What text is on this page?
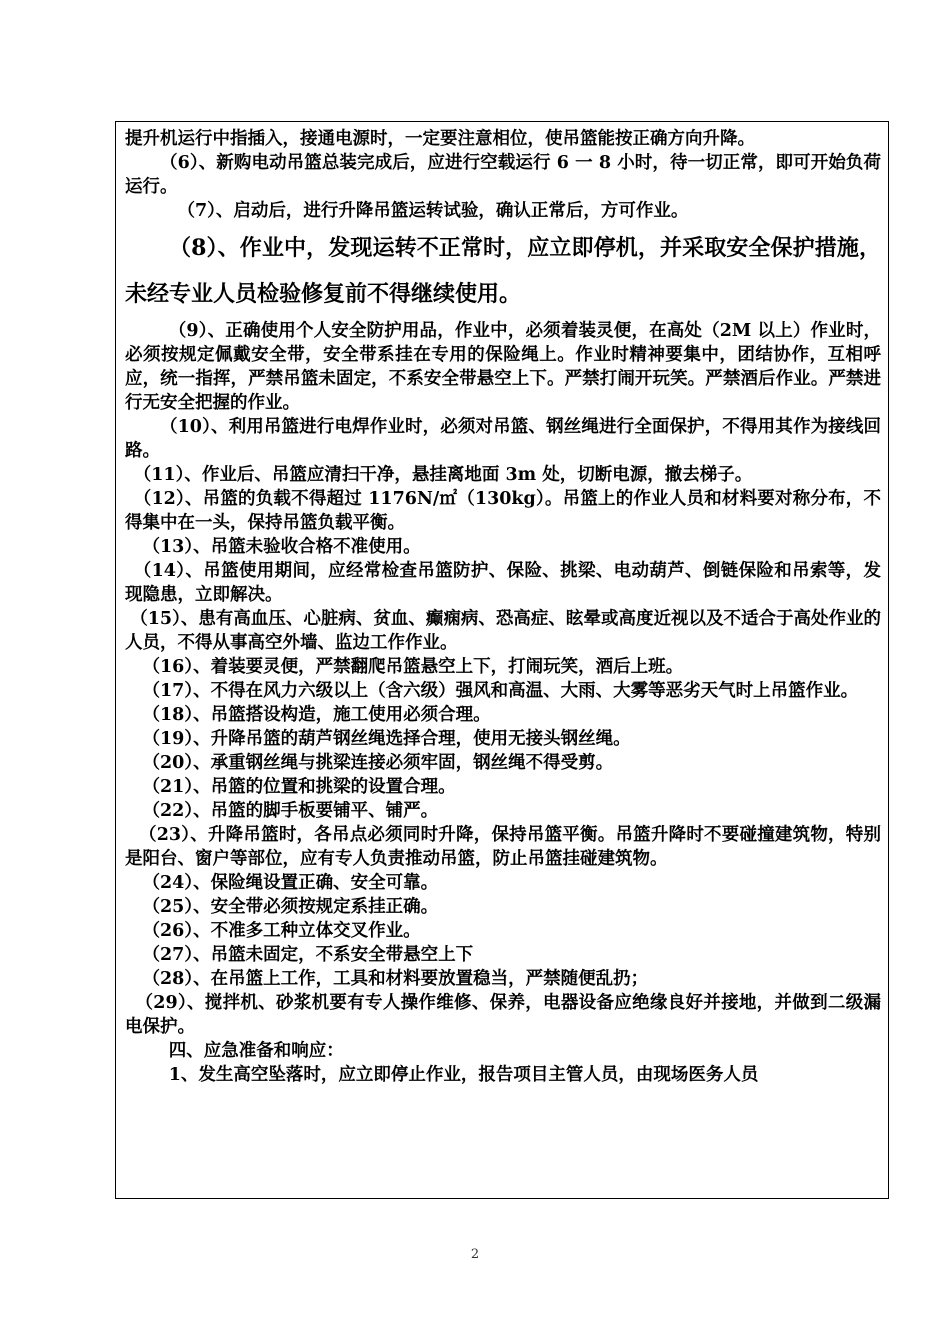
提升机运行中指插入，接通电源时，一定要注意相位，使吊篮能按正确方向升降。

（6）、新购电动吊篮总装完成后，应进行空载运行 6 一 8 小时，待一切正常，即可开始负荷运行。

（7）、启动后，进行升降吊篮运转试验，确认正常后，方可作业。

（8）、作业中，发现运转不正常时，应立即停机，并采取安全保护措施，未经专业人员检验修复前不得继续使用。

（9）、正确使用个人安全防护用品，作业中，必须着装灵便，在高处（2M 以上）作业时，必须按规定佩戴安全带，安全带系挂在专用的保险绳上。作业时精神要集中，团结协作，互相呼应，统一指挥，严禁吊篮未固定，不系安全带悬空上下。严禁打闹开玩笑。严禁酒后作业。严禁进行无安全把握的作业。

（10）、利用吊篮进行电焊作业时，必须对吊篮、钢丝绳进行全面保护，不得用其作为接线回路。

（11）、作业后、吊篮应清扫干净，悬挂离地面 3m 处，切断电源，撤去梯子。

（12）、吊篮的负载不得超过 1176N/㎡（130kg）。吊篮上的作业人员和材料要对称分布，不得集中在一头，保持吊篮负载平衡。

（13）、吊篮未验收合格不准使用。

（14）、吊篮使用期间，应经常检查吊篮防护、保险、挑梁、电动葫芦、倒链保险和吊索等，发现隐患，立即解决。

（15）、患有高血压、心脏病、贫血、癫痫病、恐高症、眩晕或高度近视以及不适合于高处作业的人员，不得从事高空外墙、监边工作作业。

（16）、着装要灵便，严禁翻爬吊篮悬空上下，打闹玩笑，酒后上班。

（17）、不得在风力六级以上（含六级）强风和高温、大雨、大雾等恶劣天气时上吊篮作业。

（18）、吊篮搭设构造，施工使用必须合理。

（19）、升降吊篮的葫芦钢丝绳选择合理，使用无接头钢丝绳。

（20）、承重钢丝绳与挑梁连接必须牢固，钢丝绳不得受剪。

（21）、吊篮的位置和挑梁的设置合理。

（22）、吊篮的脚手板要铺平、铺严。

（23）、升降吊篮时，各吊点必须同时升降，保持吊篮平衡。吊篮升降时不要碰撞建筑物，特别是阳台、窗户等部位，应有专人负责推动吊篮，防止吊篮挂碰建筑物。

（24）、保险绳设置正确、安全可靠。

（25）、安全带必须按规定系挂正确。

（26）、不准多工种立体交叉作业。

（27）、吊篮未固定，不系安全带悬空上下

（28）、在吊篮上工作，工具和材料要放置稳当，严禁随便乱扔；

（29）、搅拌机、砂浆机要有专人操作维修、保养，电器设备应绝缘良好并接地，并做到二级漏电保护。

四、应急准备和响应：

1、发生高空坠落时，应立即停止作业，报告项目主管人员，由现场医务人员

2
